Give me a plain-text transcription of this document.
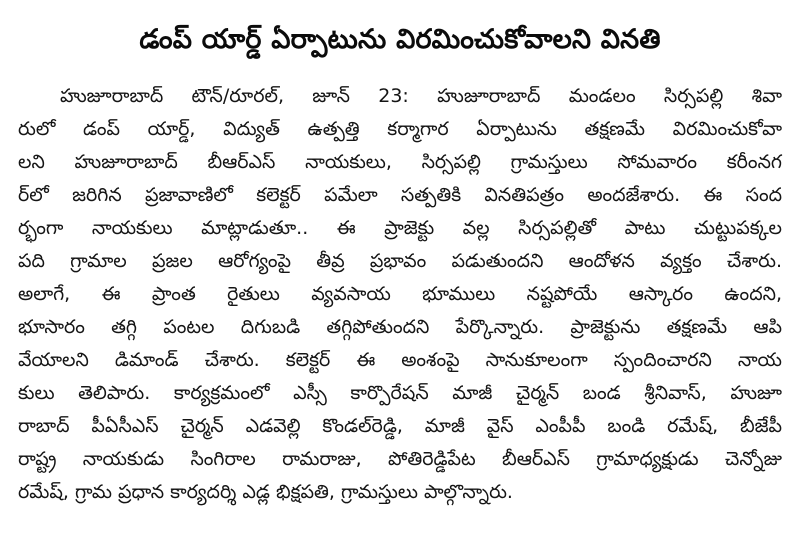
డంప్ యార్డ్ ఏర్పాటును విరమించుకోవాలని వినతి
హుజూరాబాద్ టౌన్/రూరల్, జూన్ 23: హుజూరాబాద్ మండలం సిర్సపల్లి శివా
రులో డంప్ యార్డ్, విద్యుత్ ఉత్పత్తి కర్మాగార ఏర్పాటును తక్షణమే విరమించుకోవా
లని హుజూరాబాద్ బీఆర్ఎస్ నాయకులు, సిర్సపల్లి గ్రామస్తులు సోమవారం కరీంనగ
ర్‌లో జరిగిన ప్రజావాణిలో కలెక్టర్ పమేలా సత్పతికి వినతిపత్రం అందజేశారు. ఈ సంద
ర్భంగా నాయకులు మాట్లాడుతూ.. ఈ ప్రాజెక్టు వల్ల సిర్సపల్లితో పాటు చుట్టుపక్కల
పది గ్రామాల ప్రజల ఆరోగ్యంపై తీవ్ర ప్రభావం పడుతుందని ఆందోళన వ్యక్తం చేశారు.
అలాగే, ఈ ప్రాంత రైతులు వ్యవసాయ భూములు నష్టపోయే ఆస్కారం ఉందని,
భూసారం తగ్గి పంటల దిగుబడి తగ్గిపోతుందని పేర్కొన్నారు. ప్రాజెక్టును తక్షణమే ఆపి
వేయాలని డిమాండ్ చేశారు. కలెక్టర్ ఈ అంశంపై సానుకూలంగా స్పందించారని నాయ
కులు తెలిపారు. కార్యక్రమంలో ఎస్సీ కార్పొరేషన్ మాజీ చైర్మన్ బండ శ్రీనివాస్, హుజూ
రాబాద్ పీఏసీఎస్ చైర్మన్ ఎడవెల్లి కొండల్‌రెడ్డి, మాజీ వైస్ ఎంపీపీ బండి రమేష్, బీజేపీ
రాష్ట్ర నాయకుడు సింగిరాల రామరాజు, పోతిరెడ్డిపేట బీఆర్ఎస్ గ్రామాధ్యక్షుడు చెన్నోజు
రమేష్, గ్రామ ప్రధాన కార్యదర్శి ఎడ్ల భిక్షపతి, గ్రామస్తులు పాల్గొన్నారు.
